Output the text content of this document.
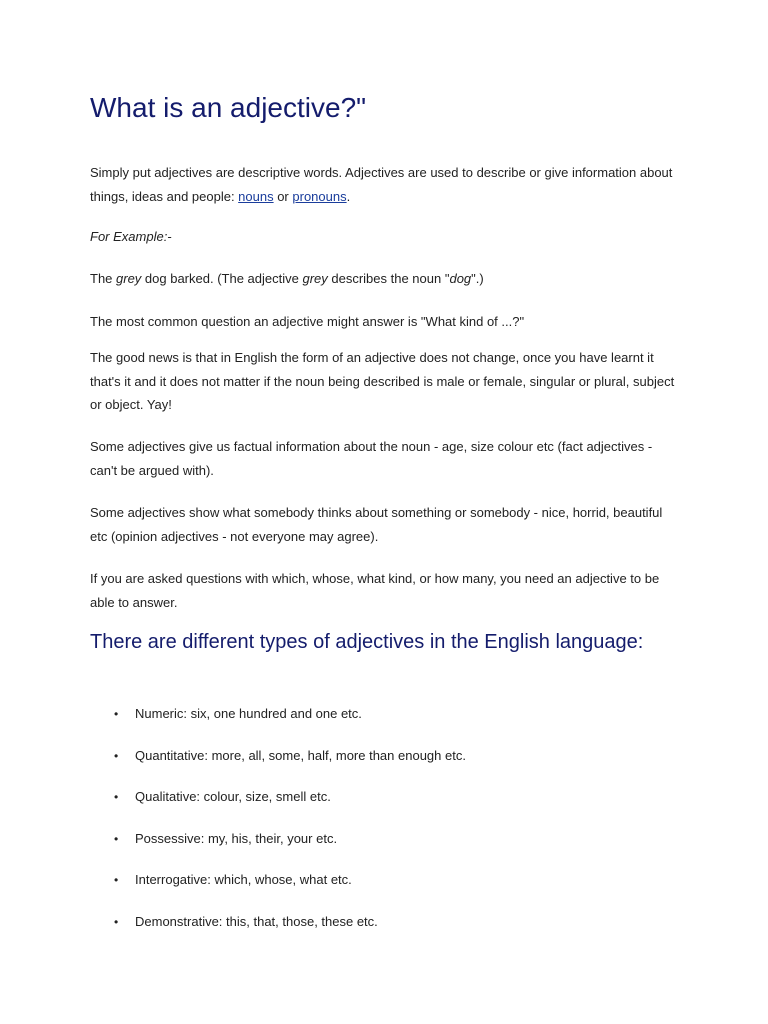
What is an adjective?"

Simply put adjectives are descriptive words. Adjectives are used to describe or give information about things, ideas and people: nouns or pronouns.

For Example:-

The grey dog barked. (The adjective grey describes the noun "dog".)

The most common question an adjective might answer is "What kind of ...?"

The good news is that in English the form of an adjective does not change, once you have learnt it that's it and it does not matter if the noun being described is male or female, singular or plural, subject or object. Yay!

Some adjectives give us factual information about the noun - age, size colour etc (fact adjectives - can't be argued with).

Some adjectives show what somebody thinks about something or somebody - nice, horrid, beautiful etc (opinion adjectives - not everyone may agree).

If you are asked questions with which, whose, what kind, or how many, you need an adjective to be able to answer.

There are different types of adjectives in the English language:
• Numeric: six, one hundred and one etc.
• Quantitative: more, all, some, half, more than enough etc.
• Qualitative: colour, size, smell etc.
• Possessive: my, his, their, your etc.
• Interrogative: which, whose, what etc.
• Demonstrative: this, that, those, these etc.
